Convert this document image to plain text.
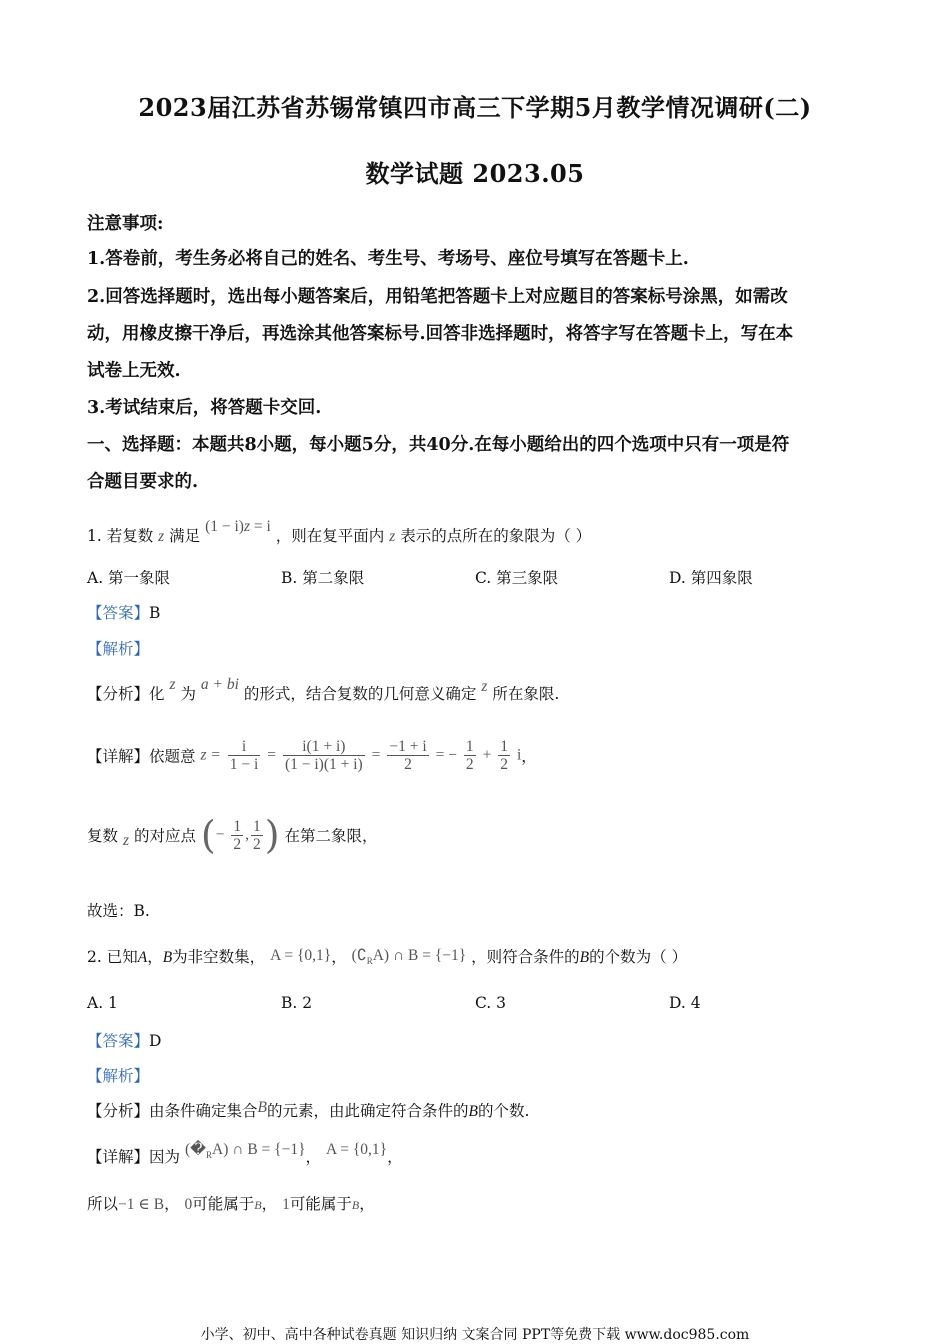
2023届江苏省苏锡常镇四市高三下学期5月教学情况调研(二)
数学试题 2023.05
注意事项:
1.答卷前，考生务必将自己的姓名、考生号、考场号、座位号填写在答题卡上.
2.回答选择题时，选出每小题答案后，用铅笔把答题卡上对应题目的答案标号涂黑，如需改
动，用橡皮擦干净后，再选涂其他答案标号.回答非选择题时，将答字写在答题卡上，写在本
试卷上无效.
3.考试结束后，将答题卡交回.
一、选择题：本题共8小题，每小题5分，共40分.在每小题给出的四个选项中只有一项是符
合题目要求的.
1. 若复数 z 满足 (1 − i)z = i ，则在复平面内 z 表示的点所在的象限为（ ）
A. 第一象限	B. 第二象限	C. 第三象限	D. 第四象限
【答案】B
【解析】
【分析】化 z 为 a + bi 的形式，结合复数的几何意义确定 z 所在象限.
【详解】依题意 $z = \frac{i}{1 - i} = \frac{i(1 + i)}{(1 - i)(1 + i)} = \frac{-1 + i}{2}$ = − $\frac{1}{2} + \frac{1}{2}$ i，
复数 z 的对应点 (− $\frac{1}{2}$ , $\frac{1}{2}$ ) 在第二象限，
故选：B.
2. 已知A，B为非空数集， A = {0,1}， $(∁_RA)$ ∩ B = {−1} ，则符合条件的B的个数为（ ）
A. 1	B. 2	C. 3	D. 4
【答案】D
【解析】
【分析】由条件确定集合B的元素，由此确定符合条件的B的个数.
【详解】因为 $(�_RA)$ ∩ B = {−1}， A = {0,1}，
所以−1 ∈ B， 0可能属于B， 1可能属于B，
小学、初中、高中各种试卷真题 知识归纳 文案合同 PPT等免费下载 www.doc985.com
